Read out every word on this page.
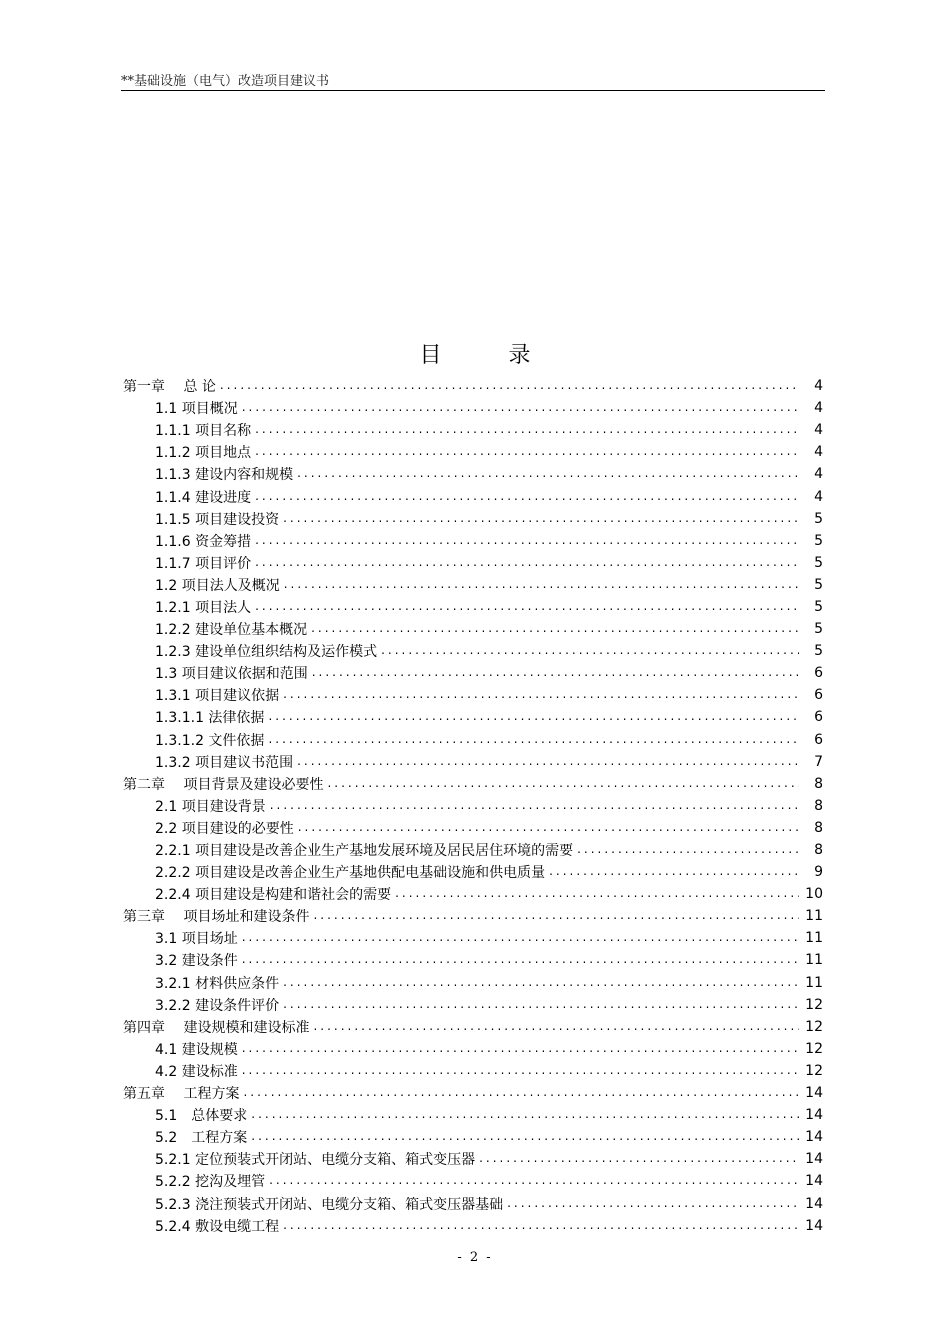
**基础设施（电气）改造项目建议书
目 录
第一章　 总 论 .....	4
1.1 项目概况 .....	4
1.1.1 项目名称 .....	4
1.1.2 项目地点 .....	4
1.1.3 建设内容和规模 .....	4
1.1.4 建设进度 .....	4
1.1.5 项目建设投资 .....	5
1.1.6 资金筹措 .....	5
1.1.7 项目评价 .....	5
1.2 项目法人及概况 .....	5
1.2.1 项目法人 .....	5
1.2.2 建设单位基本概况 .....	5
1.2.3 建设单位组织结构及运作模式 .....	5
1.3 项目建议依据和范围 .....	6
1.3.1 项目建议依据 .....	6
1.3.1.1 法律依据 .....	6
1.3.1.2 文件依据 .....	6
1.3.2 项目建议书范围 .....	7
第二章　 项目背景及建设必要性 .....	8
2.1 项目建设背景 .....	8
2.2 项目建设的必要性 .....	8
2.2.1 项目建设是改善企业生产基地发展环境及居民居住环境的需要 .....	8
2.2.2 项目建设是改善企业生产基地供配电基础设施和供电质量 .....	9
2.2.4 项目建设是构建和谐社会的需要 .....	10
第三章　 项目场址和建设条件 .....	11
3.1 项目场址 .....	11
3.2 建设条件 .....	11
3.2.1 材料供应条件 .....	11
3.2.2 建设条件评价 .....	12
第四章　 建设规模和建设标准 .....	12
4.1 建设规模 .....	12
4.2 建设标准 .....	12
第五章　 工程方案 .....	14
5.1　总体要求 .....	14
5.2　工程方案 .....	14
5.2.1 定位预装式开闭站、电缆分支箱、箱式变压器 .....	14
5.2.2 挖沟及埋管 .....	14
5.2.3 浇注预装式开闭站、电缆分支箱、箱式变压器基础 .....	14
5.2.4 敷设电缆工程 .....	14
- 2 -
